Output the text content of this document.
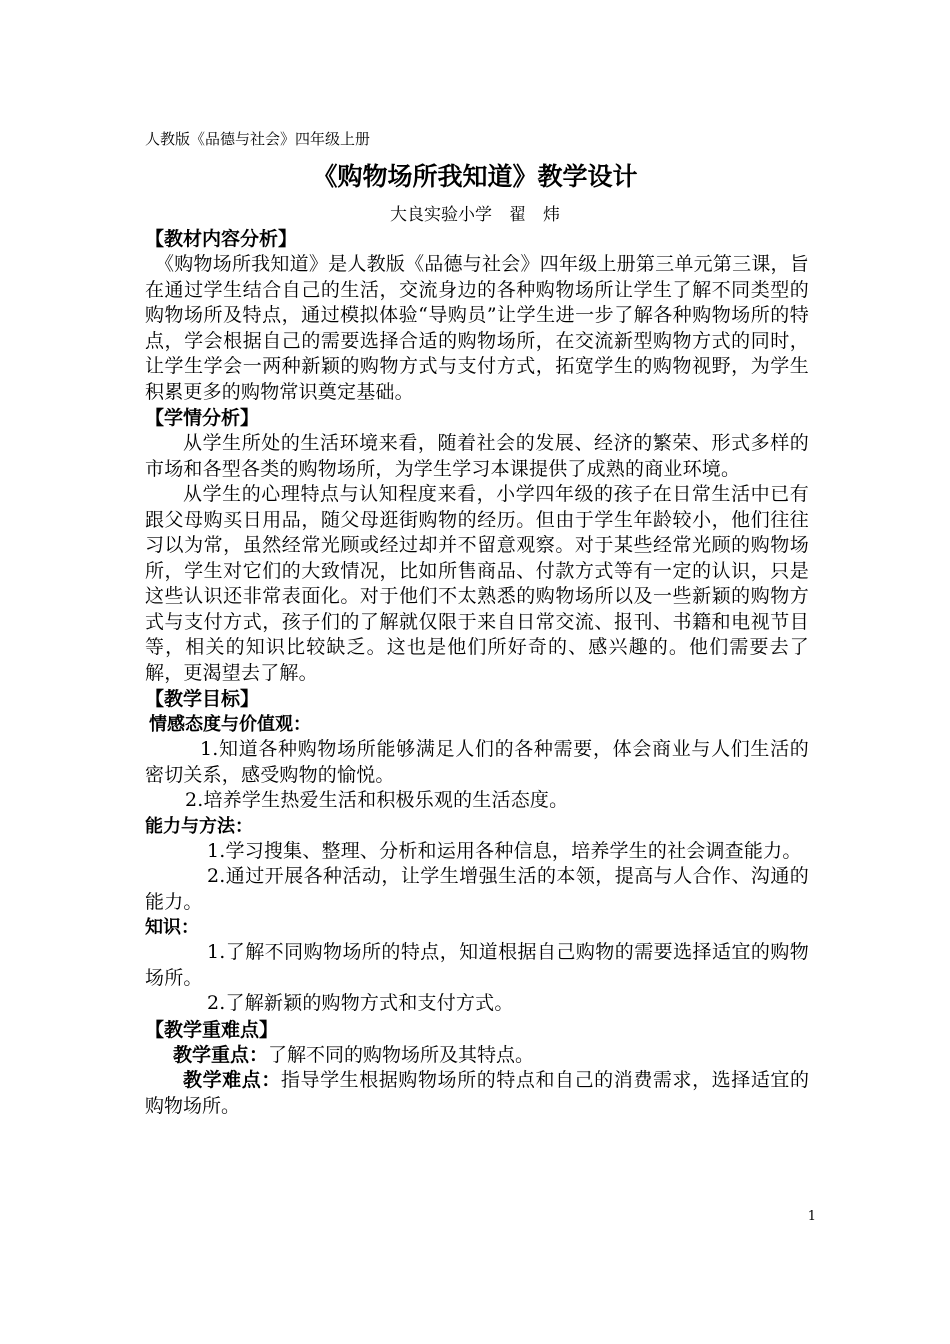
人教版《品德与社会》四年级上册
《购物场所我知道》教学设计
大良实验小学　翟　炜
【教材内容分析】
《购物场所我知道》是人教版《品德与社会》四年级上册第三单元第三课，旨在通过学生结合自己的生活，交流身边的各种购物场所让学生了解不同类型的购物场所及特点，通过模拟体验“导购员”让学生进一步了解各种购物场所的特点，学会根据自己的需要选择合适的购物场所，在交流新型购物方式的同时，让学生学会一两种新颖的购物方式与支付方式，拓宽学生的购物视野，为学生积累更多的购物常识奠定基础。
【学情分析】
从学生所处的生活环境来看，随着社会的发展、经济的繁荣、形式多样的市场和各型各类的购物场所，为学生学习本课提供了成熟的商业环境。
从学生的心理特点与认知程度来看，小学四年级的孩子在日常生活中已有跟父母购买日用品，随父母逛街购物的经历。但由于学生年龄较小，他们往往习以为常，虽然经常光顾或经过却并不留意观察。对于某些经常光顾的购物场所，学生对它们的大致情况，比如所售商品、付款方式等有一定的认识，只是这些认识还非常表面化。对于他们不太熟悉的购物场所以及一些新颖的购物方式与支付方式，孩子们的了解就仅限于来自日常交流、报刊、书籍和电视节目等，相关的知识比较缺乏。这也是他们所好奇的、感兴趣的。他们需要去了解，更渴望去了解。
【教学目标】
情感态度与价值观：
1.知道各种购物场所能够满足人们的各种需要，体会商业与人们生活的密切关系，感受购物的愉悦。
2.培养学生热爱生活和积极乐观的生活态度。
能力与方法：
1.学习搜集、整理、分析和运用各种信息，培养学生的社会调查能力。
2.通过开展各种活动，让学生增强生活的本领，提高与人合作、沟通的能力。
知识：
1.了解不同购物场所的特点，知道根据自己购物的需要选择适宜的购物场所。
2.了解新颖的购物方式和支付方式。
【教学重难点】
教学重点：了解不同的购物场所及其特点。
教学难点：指导学生根据购物场所的特点和自己的消费需求，选择适宜的购物场所。
1
